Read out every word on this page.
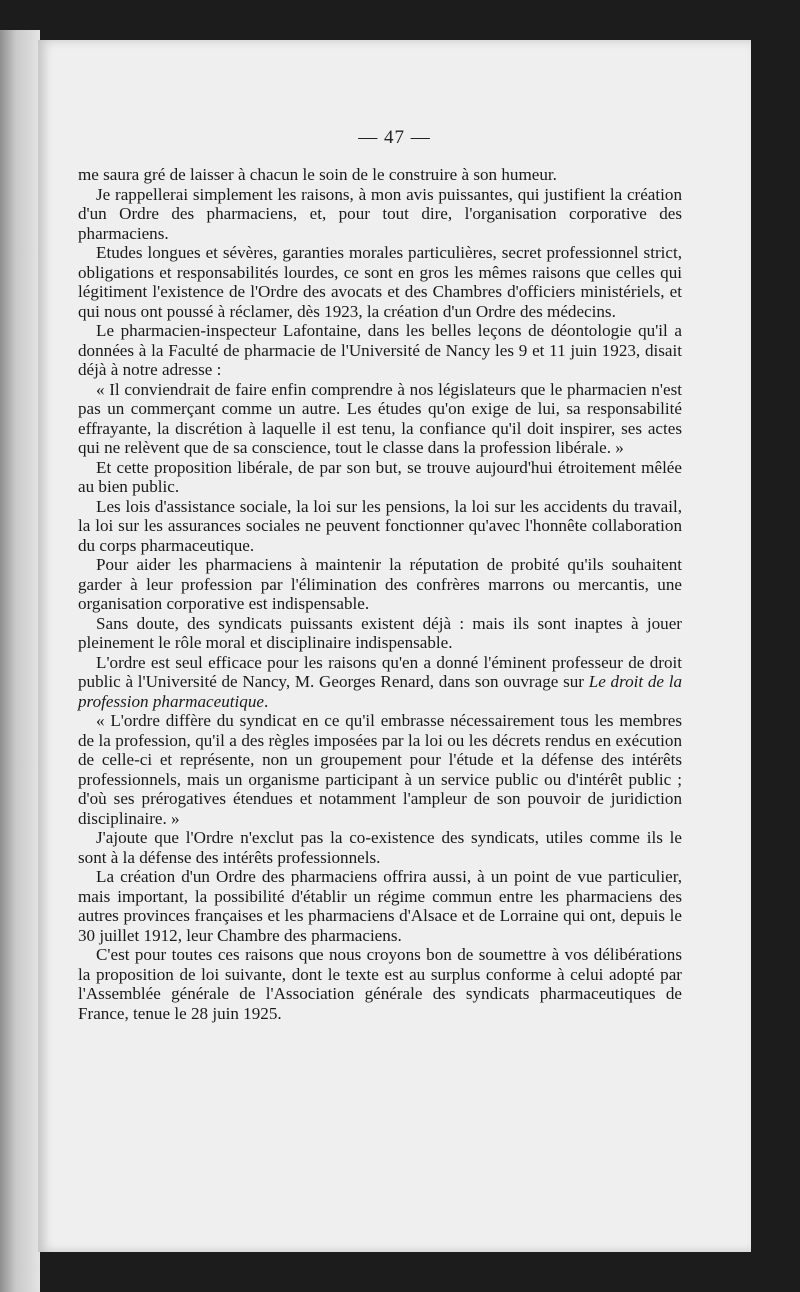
— 47 —

me saura gré de laisser à chacun le soin de le construire à son humeur.

Je rappellerai simplement les raisons, à mon avis puissantes, qui justifient la création d'un Ordre des pharmaciens, et, pour tout dire, l'organisation corporative des pharmaciens.

Etudes longues et sévères, garanties morales particulières, secret professionnel strict, obligations et responsabilités lourdes, ce sont en gros les mêmes raisons que celles qui légitiment l'existence de l'Ordre des avocats et des Chambres d'officiers ministériels, et qui nous ont poussé à réclamer, dès 1923, la création d'un Ordre des médecins.

Le pharmacien-inspecteur Lafontaine, dans les belles leçons de déontologie qu'il a données à la Faculté de pharmacie de l'Université de Nancy les 9 et 11 juin 1923, disait déjà à notre adresse :

« Il conviendrait de faire enfin comprendre à nos législateurs que le pharmacien n'est pas un commerçant comme un autre. Les études qu'on exige de lui, sa responsabilité effrayante, la discrétion à laquelle il est tenu, la confiance qu'il doit inspirer, ses actes qui ne relèvent que de sa conscience, tout le classe dans la profession libérale. »

Et cette proposition libérale, de par son but, se trouve aujourd'hui étroitement mêlée au bien public.

Les lois d'assistance sociale, la loi sur les pensions, la loi sur les accidents du travail, la loi sur les assurances sociales ne peuvent fonctionner qu'avec l'honnête collaboration du corps pharmaceutique.

Pour aider les pharmaciens à maintenir la réputation de probité qu'ils souhaitent garder à leur profession par l'élimination des confrères marrons ou mercantis, une organisation corporative est indispensable.

Sans doute, des syndicats puissants existent déjà : mais ils sont inaptes à jouer pleinement le rôle moral et disciplinaire indispensable.

L'ordre est seul efficace pour les raisons qu'en a donné l'éminent professeur de droit public à l'Université de Nancy, M. Georges Renard, dans son ouvrage sur Le droit de la profession pharmaceutique.

« L'ordre diffère du syndicat en ce qu'il embrasse nécessairement tous les membres de la profession, qu'il a des règles imposées par la loi ou les décrets rendus en exécution de celle-ci et représente, non un groupement pour l'étude et la défense des intérêts professionnels, mais un organisme participant à un service public ou d'intérêt public ; d'où ses prérogatives étendues et notamment l'ampleur de son pouvoir de juridiction disciplinaire. »

J'ajoute que l'Ordre n'exclut pas la co-existence des syndicats, utiles comme ils le sont à la défense des intérêts professionnels.

La création d'un Ordre des pharmaciens offrira aussi, à un point de vue particulier, mais important, la possibilité d'établir un régime commun entre les pharmaciens des autres provinces françaises et les pharmaciens d'Alsace et de Lorraine qui ont, depuis le 30 juillet 1912, leur Chambre des pharmaciens.

C'est pour toutes ces raisons que nous croyons bon de soumettre à vos délibérations la proposition de loi suivante, dont le texte est au surplus conforme à celui adopté par l'Assemblée générale de l'Association générale des syndicats pharmaceutiques de France, tenue le 28 juin 1925.
